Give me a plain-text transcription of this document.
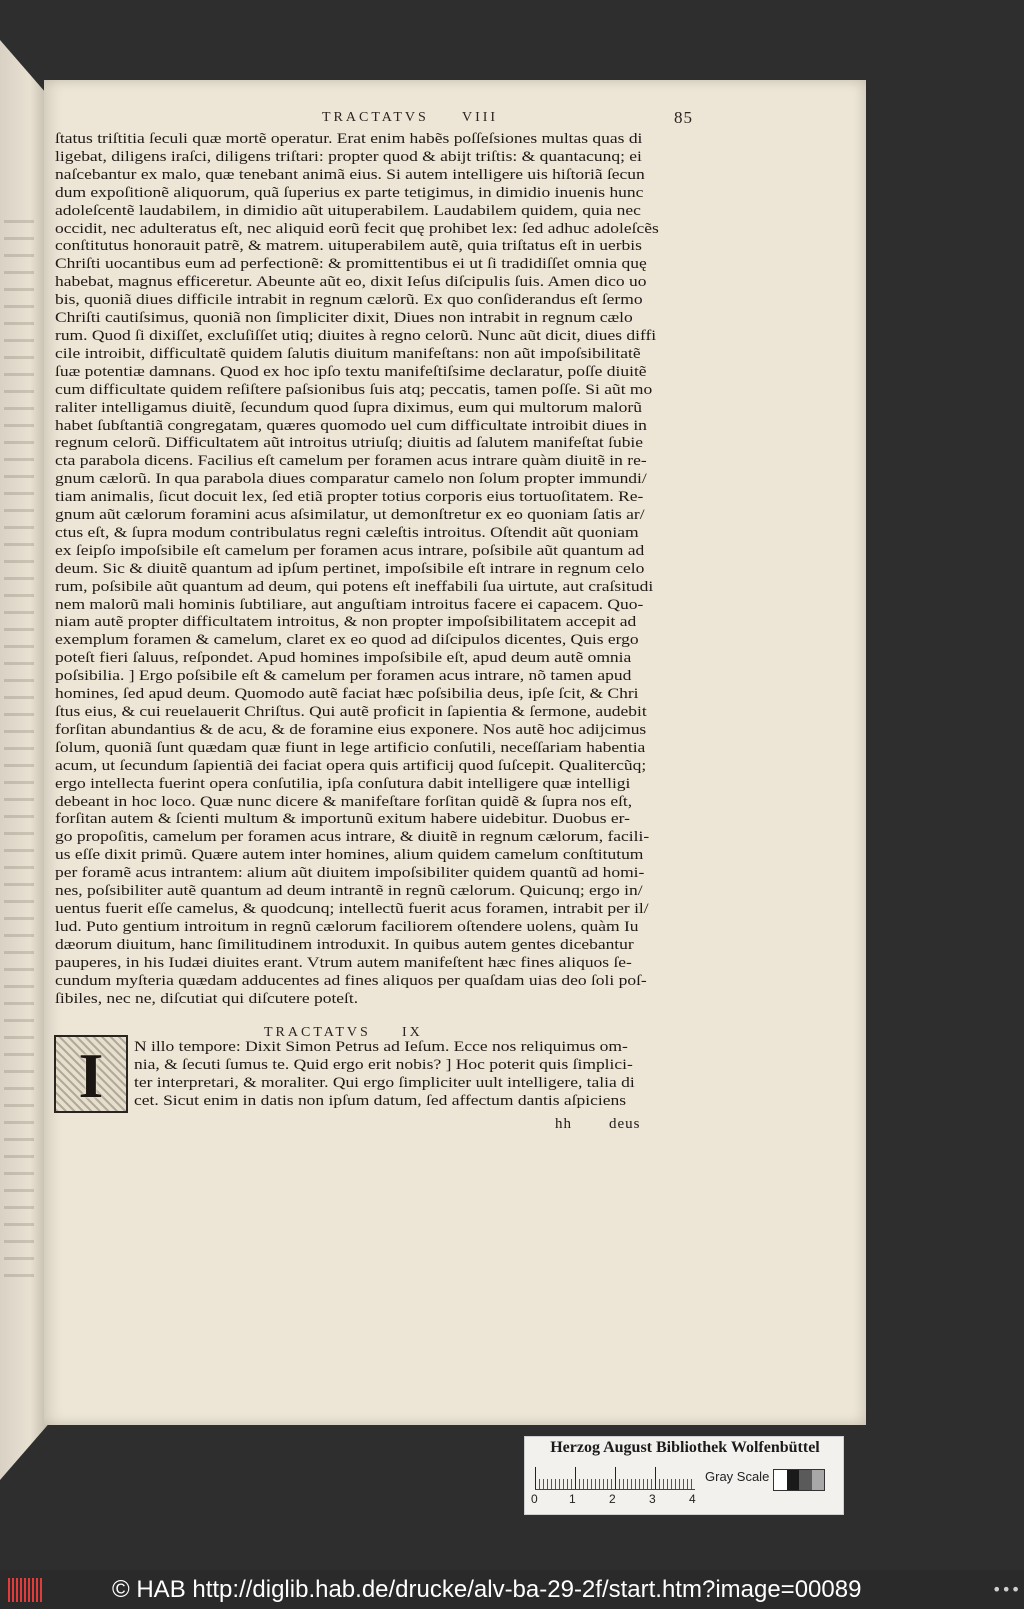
TRACTATVS VIII	85
ſtatus triſtitia ſeculi quæ mortẽ operatur. Erat enim habẽs poſſeſsiones multas quas di
ligebat, diligens iraſci, diligens triſtari: propter quod & abijt triſtis: & quantacunq; ei
naſcebantur ex malo, quæ tenebant animã eius. Si autem intelligere uis hiſtoriã ſecun
dum expoſitionẽ aliquorum, quã ſuperius ex parte tetigimus, in dimidio inuenis hunc
adoleſcentẽ laudabilem, in dimidio aũt uituperabilem. Laudabilem quidem, quia nec
occidit, nec adulteratus eſt, nec aliquid eorũ fecit quę prohibet lex: ſed adhuc adoleſcẽs
conſtitutus honorauit patrẽ, & matrem. uituperabilem autẽ, quia triſtatus eſt in uerbis
Chriſti uocantibus eum ad perfectionẽ: & promittentibus ei ut ſi tradidiſſet omnia quę
habebat, magnus efficeretur. Abeunte aũt eo, dixit Ieſus diſcipulis ſuis. Amen dico uo
bis, quoniã diues difficile intrabit in regnum cælorũ. Ex quo conſiderandus eſt ſermo
Chriſti cautiſsimus, quoniã non ſimpliciter dixit, Diues non intrabit in regnum cælo
rum. Quod ſi dixiſſet, excluſiſſet utiq; diuites à regno celorũ. Nunc aũt dicit, diues diffi
cile introibit, difficultatẽ quidem ſalutis diuitum manifeſtans: non aũt impoſsibilitatẽ
ſuæ potentiæ damnans. Quod ex hoc ipſo textu manifeſtiſsime declaratur, poſſe diuitẽ
cum difficultate quidem reſiſtere paſsionibus ſuis atq; peccatis, tamen poſſe. Si aũt mo
raliter intelligamus diuitẽ, ſecundum quod ſupra diximus, eum qui multorum malorũ
habet ſubſtantiã congregatam, quæres quomodo uel cum difficultate introibit diues in
regnum celorũ. Difficultatem aũt introitus utriuſq; diuitis ad ſalutem manifeſtat ſubie
cta parabola dicens. Facilius eſt camelum per foramen acus intrare quàm diuitẽ in re-
gnum cælorũ. In qua parabola diues comparatur camelo non ſolum propter immundi/
tiam animalis, ſicut docuit lex, ſed etiã propter totius corporis eius tortuoſitatem. Re-
gnum aũt cælorum foramini acus aſsimilatur, ut demonſtretur ex eo quoniam ſatis ar/
ctus eſt, & ſupra modum contribulatus regni cæleſtis introitus. Oſtendit aũt quoniam
ex ſeipſo impoſsibile eſt camelum per foramen acus intrare, poſsibile aũt quantum ad
deum. Sic & diuitẽ quantum ad ipſum pertinet, impoſsibile eſt intrare in regnum celo
rum, poſsibile aũt quantum ad deum, qui potens eſt ineffabili ſua uirtute, aut craſsitudi
nem malorũ mali hominis ſubtiliare, aut anguſtiam introitus facere ei capacem. Quo-
niam autẽ propter difficultatem introitus, & non propter impoſsibilitatem accepit ad
exemplum foramen & camelum, claret ex eo quod ad diſcipulos dicentes, Quis ergo
poteſt fieri ſaluus, reſpondet. Apud homines impoſsibile eſt, apud deum autẽ omnia
poſsibilia. ] Ergo poſsibile eſt & camelum per foramen acus intrare, nõ tamen apud
homines, ſed apud deum. Quomodo autẽ faciat hæc poſsibilia deus, ipſe ſcit, & Chri
ſtus eius, & cui reuelauerit Chriſtus. Qui autẽ proficit in ſapientia & ſermone, audebit
forſitan abundantius & de acu, & de foramine eius exponere. Nos autẽ hoc adijcimus
ſolum, quoniã ſunt quædam quæ fiunt in lege artificio conſutili, neceſſariam habentia
acum, ut ſecundum ſapientiã dei faciat opera quis artificij quod ſuſcepit. Qualitercũq;
ergo intellecta fuerint opera conſutilia, ipſa conſutura dabit intelligere quæ intelligi
debeant in hoc loco. Quæ nunc dicere & manifeſtare forſitan quidẽ & ſupra nos eſt,
forſitan autem & ſcienti multum & importunũ exitum habere uidebitur. Duobus er-
go propoſitis, camelum per foramen acus intrare, & diuitẽ in regnum cælorum, facili-
us eſſe dixit primũ. Quære autem inter homines, alium quidem camelum conſtitutum
per foramẽ acus intrantem: alium aũt diuitem impoſsibiliter quidem quantũ ad homi-
nes, poſsibiliter autẽ quantum ad deum intrantẽ in regnũ cælorum. Quicunq; ergo in/
uentus fuerit eſſe camelus, & quodcunq; intellectũ fuerit acus foramen, intrabit per il/
lud. Puto gentium introitum in regnũ cælorum faciliorem oſtendere uolens, quàm Iu
dæorum diuitum, hanc ſimilitudinem introduxit. In quibus autem gentes dicebantur
pauperes, in his Iudæi diuites erant. Vtrum autem manifeſtent hæc fines aliquos ſe-
cundum myſteria quædam adducentes ad fines aliquos per quaſdam uias deo ſoli poſ-
ſibiles, nec ne, diſcutiat qui diſcutere poteſt.
TRACTATVS IX
I	N illo tempore: Dixit Simon Petrus ad Ieſum. Ecce nos reliquimus om-
nia, & ſecuti ſumus te. Quid ergo erit nobis? ] Hoc poterit quis ſimplici-
ter interpretari, & moraliter. Qui ergo ſimpliciter uult intelligere, talia di
cet. Sicut enim in datis non ipſum datum, ſed affectum dantis aſpiciens
hh deus
Herzog August Bibliothek Wolfenbüttel
0	1	2	3	4
Gray Scale
© HAB http://diglib.hab.de/drucke/alv-ba-29-2f/start.htm?image=00089	•••
